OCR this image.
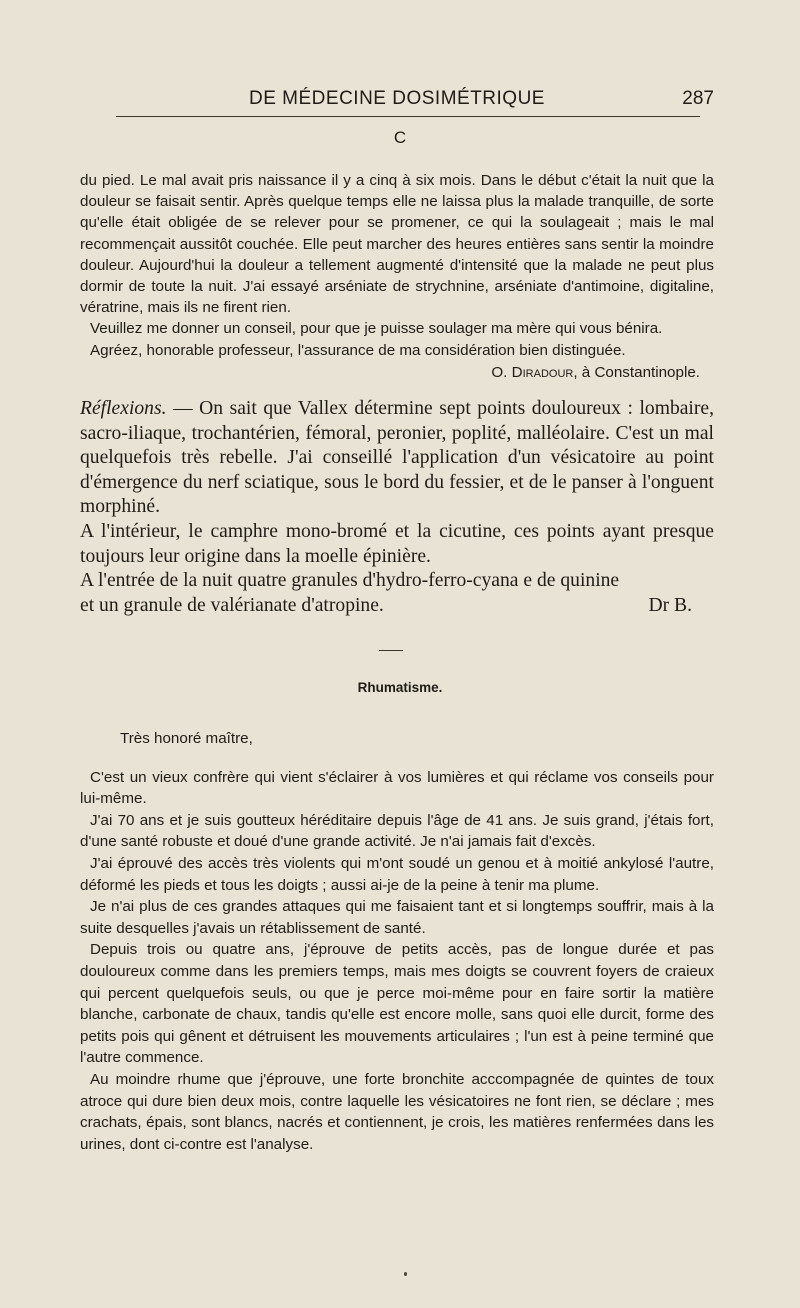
DE MÉDECINE DOSIMÉTRIQUE	287
C

du pied. Le mal avait pris naissance il y a cinq à six mois. Dans le début c'était la nuit que la douleur se faisait sentir. Après quelque temps elle ne laissa plus la malade tranquille, de sorte qu'elle était obligée de se relever pour se promener, ce qui la soulageait ; mais le mal recommençait aussitôt couchée. Elle peut marcher des heures entières sans sentir la moindre douleur. Aujourd'hui la douleur a tellement augmenté d'intensité que la malade ne peut plus dormir de toute la nuit. J'ai essayé arséniate de strychnine, arséniate d'antimoine, digitaline, vératrine, mais ils ne firent rien.

Veuillez me donner un conseil, pour que je puisse soulager ma mère qui vous bénira.

Agréez, honorable professeur, l'assurance de ma considération bien distinguée.

O. Diradour, à Constantinople.

Réflexions. — On sait que Vallex détermine sept points douloureux : lombaire, sacro-iliaque, trochantérien, fémoral, peronier, poplité, malléolaire. C'est un mal quelquefois très rebelle. J'ai conseillé l'application d'un vésicatoire au point d'émergence du nerf sciatique, sous le bord du fessier, et de le panser à l'onguent morphiné.

A l'intérieur, le camphre mono-bromé et la cicutine, ces points ayant presque toujours leur origine dans la moelle épinière.

A l'entrée de la nuit quatre granules d'hydro-ferro-cyana e de quinine

et un granule de valérianate d'atropine.	Dr B.

Rhumatisme.

Très honoré maître,

C'est un vieux confrère qui vient s'éclairer à vos lumières et qui réclame vos conseils pour lui-même.

J'ai 70 ans et je suis goutteux héréditaire depuis l'âge de 41 ans. Je suis grand, j'étais fort, d'une santé robuste et doué d'une grande activité. Je n'ai jamais fait d'excès.

J'ai éprouvé des accès très violents qui m'ont soudé un genou et à moitié ankylosé l'autre, déformé les pieds et tous les doigts ; aussi ai-je de la peine à tenir ma plume.

Je n'ai plus de ces grandes attaques qui me faisaient tant et si longtemps souffrir, mais à la suite desquelles j'avais un rétablissement de santé.

Depuis trois ou quatre ans, j'éprouve de petits accès, pas de longue durée et pas douloureux comme dans les premiers temps, mais mes doigts se couvrent foyers de craieux qui percent quelquefois seuls, ou que je perce moi-même pour en faire sortir la matière blanche, carbonate de chaux, tandis qu'elle est encore molle, sans quoi elle durcit, forme des petits pois qui gênent et détruisent les mouvements articulaires ; l'un est à peine terminé que l'autre commence.

Au moindre rhume que j'éprouve, une forte bronchite acccompagnée de quintes de toux atroce qui dure bien deux mois, contre laquelle les vésicatoires ne font rien, se déclare ; mes crachats, épais, sont blancs, nacrés et contiennent, je crois, les matières renfermées dans les urines, dont ci-contre est l'analyse.
